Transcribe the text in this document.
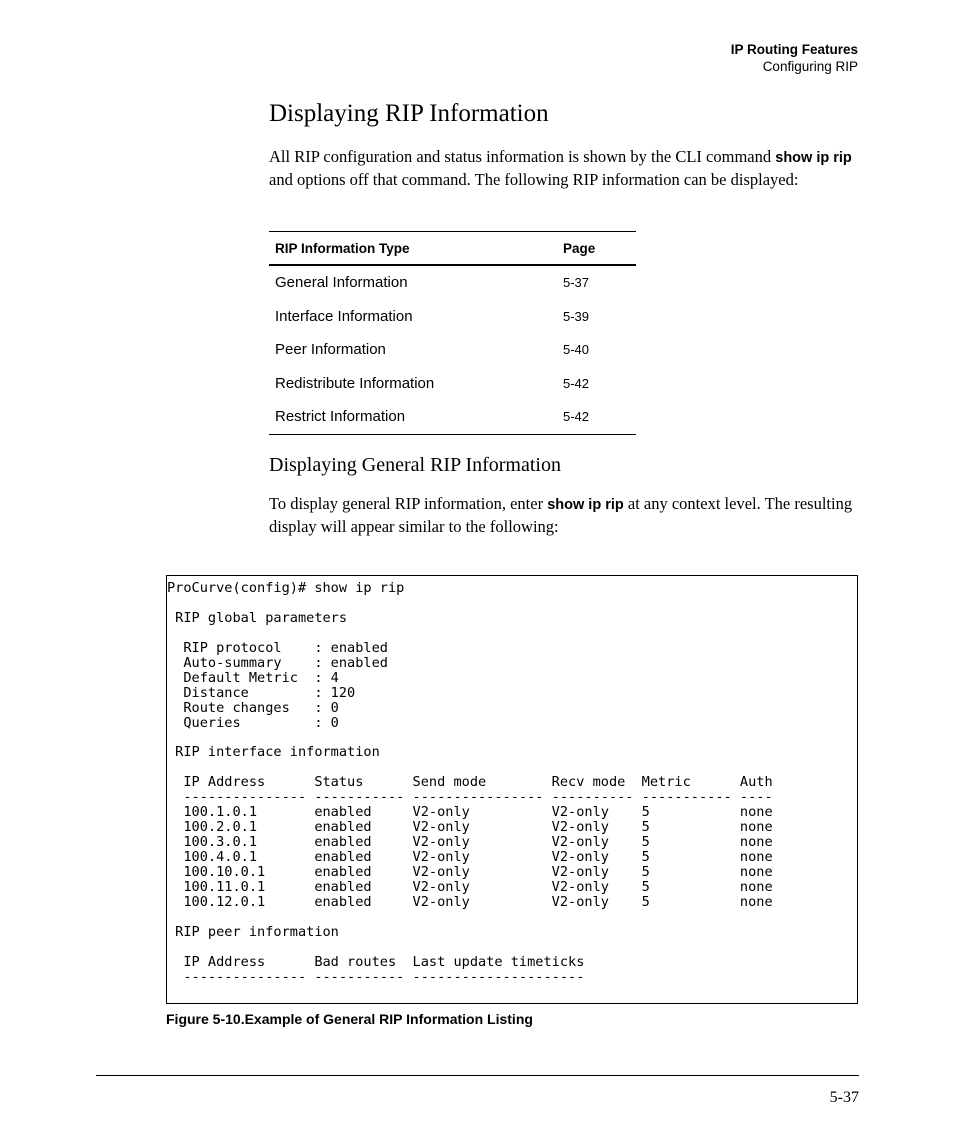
IP Routing Features
Configuring RIP
Displaying RIP Information

All RIP configuration and status information is shown by the CLI command show ip rip and options off that command. The following RIP information can be displayed:

RIP Information Type	Page
General Information	5-37
Interface Information	5-39
Peer Information	5-40
Redistribute Information	5-42
Restrict Information	5-42
Displaying General RIP Information

To display general RIP information, enter show ip rip at any context level. The resulting display will appear similar to the following:

ProCurve(config)# show ip rip
RIP global parameters
RIP protocol    : enabled
Auto-summary    : enabled
Default Metric  : 4
Distance        : 120
Route changes   : 0
Queries         : 0
RIP interface information
IP Address      Status      Send mode        Recv mode  Metric      Auth
--------------- ----------- ---------------- ---------- ----------- ----
100.1.0.1       enabled     V2-only          V2-only    5           none
100.2.0.1       enabled     V2-only          V2-only    5           none
100.3.0.1       enabled     V2-only          V2-only    5           none
100.4.0.1       enabled     V2-only          V2-only    5           none
100.10.0.1      enabled     V2-only          V2-only    5           none
100.11.0.1      enabled     V2-only          V2-only    5           none
100.12.0.1      enabled     V2-only          V2-only    5           none
RIP peer information
IP Address      Bad routes  Last update timeticks
--------------- ----------- ---------------------
Figure 5-10.Example of General RIP Information Listing
5-37
